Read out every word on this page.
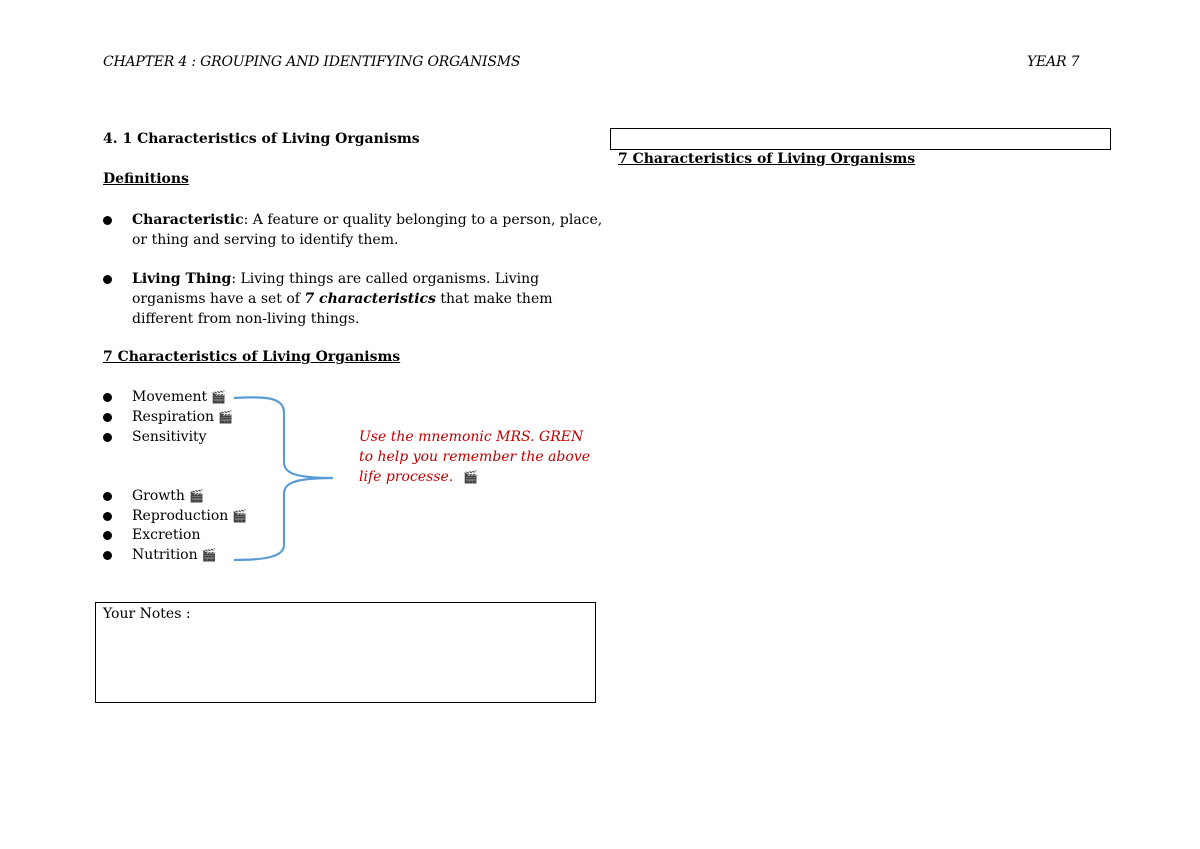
CHAPTER 4 : GROUPING AND IDENTIFYING ORGANISMS	YEAR 7
4. 1 Characteristics of Living Organisms
Definitions
Characteristic: A feature or quality belonging to a person, place,
or thing and serving to identify them.
Living Thing: Living things are called organisms. Living
organisms have a set of 7 characteristics that make them
different from non-living things.
7 Characteristics of Living Organisms
Movement 🎬
Respiration 🎬
Sensitivity
Growth 🎬
Reproduction 🎬
Excretion
Nutrition 🎬
Use the mnemonic MRS. GREN
to help you remember the above
life processe. 🎬
Your Notes :
7 Characteristics of Living Organisms
